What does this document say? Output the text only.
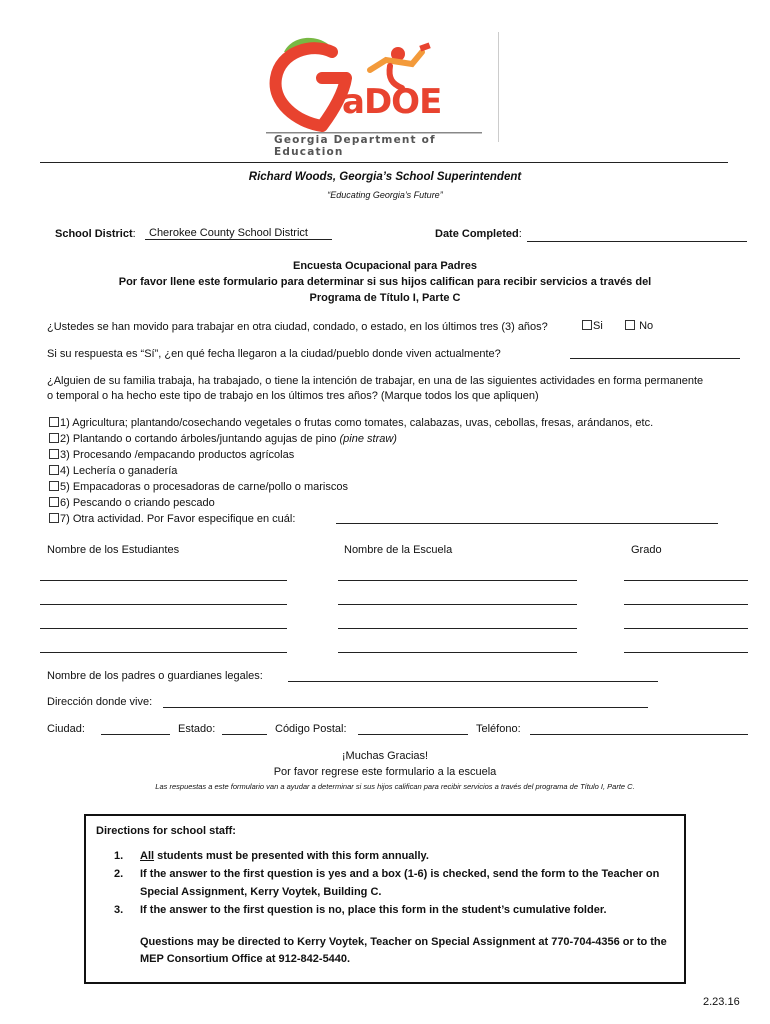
aDOE
Georgia Department of Education
Richard Woods, Georgia’s School Superintendent
“Educating Georgia’s Future”
School District:	Cherokee County School District	Date Completed:
Encuesta Ocupacional para Padres
Por favor llene este formulario para determinar si sus hijos califican para recibir servicios a través del
Programa de Título I, Parte C
¿Ustedes se han movido para trabajar en otra ciudad, condado, o estado, en los últimos tres (3) años?	Si	No
Si su respuesta es “Sí”, ¿en qué fecha llegaron a la ciudad/pueblo donde viven actualmente?
¿Alguien de su familia trabaja, ha trabajado, o tiene la intención de trabajar, en una de las siguientes actividades en forma permanente
o temporal o ha hecho este tipo de trabajo en los últimos tres años? (Marque todos los que apliquen)
1) Agricultura; plantando/cosechando vegetales o frutas como tomates, calabazas, uvas, cebollas, fresas, arándanos, etc.
2) Plantando o cortando árboles/juntando agujas de pino (pine straw)
3) Procesando /empacando productos agrícolas
4) Lechería o ganadería
5) Empacadoras o procesadoras de carne/pollo o mariscos
6) Pescando o criando pescado
7) Otra actividad. Por Favor especifique en cuál:
Nombre de los Estudiantes	Nombre de la Escuela	Grado
Nombre de los padres o guardianes legales:
Dirección donde vive:
Ciudad:	Estado:	Código Postal:	Teléfono:
¡Muchas Gracias!
Por favor regrese este formulario a la escuela
Las respuestas a este formulario van a ayudar a determinar si sus hijos califican para recibir servicios a través del programa de Título I, Parte C.
Directions for school staff:
1. All students must be presented with this form annually.
2. If the answer to the first question is yes and a box (1-6) is checked, send the form to the Teacher on
Special Assignment, Kerry Voytek, Building C.
3. If the answer to the first question is no, place this form in the student’s cumulative folder.
Questions may be directed to Kerry Voytek, Teacher on Special Assignment at 770-704-4356 or to the
MEP Consortium Office at 912-842-5440.
2.23.16
